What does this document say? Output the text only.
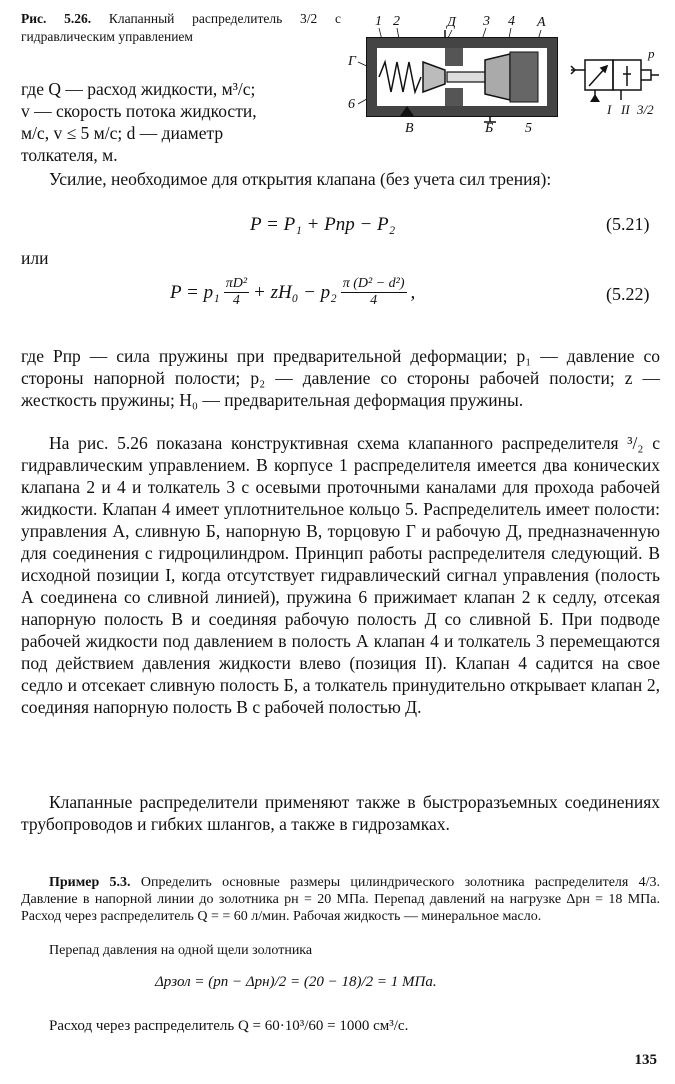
Рис. 5.26. Клапанный распределитель 3/2 с гидравлическим управлением
1 2	Д 3 4 А
Г
6
В	Б 5
p
I II 3/2
где Q — расход жидкости, м³/с;
v — скорость потока жидкости,
м/с, v ≤ 5 м/с; d — диаметр
толкателя, м.
Усилие, необходимое для открытия клапана (без учета сил трения):
P = P₁ + Pпр − P₂	(5.21)
или
$P = p_1 \frac{\text{πD²}}{4} + zH_0 - p_2 \frac{\text{π (D² − d²)}}{4}$ ,	(5.22)
где Pпр — сила пружины при предварительной деформации; p₁ — давление со стороны напорной полости; p₂ — давление со стороны рабочей полости; z — жесткость пружины; H₀ — предварительная деформация пружины.
На рис. 5.26 показана конструктивная схема клапанного распределителя ³/₂ с гидравлическим управлением. В корпусе 1 распределителя имеется два конических клапана 2 и 4 и толкатель 3 с осевыми проточными каналами для прохода рабочей жидкости. Клапан 4 имеет уплотнительное кольцо 5. Распределитель имеет полости: управления А, сливную Б, напорную В, торцовую Г и рабочую Д, предназначенную для соединения с гидроцилиндром. Принцип работы распределителя следующий. В исходной позиции I, когда отсутствует гидравлический сигнал управления (полость А соединена со сливной линией), пружина 6 прижимает клапан 2 к седлу, отсекая напорную полость В и соединяя рабочую полость Д со сливной Б. При подводе рабочей жидкости под давлением в полость А клапан 4 и толкатель 3 перемещаются под действием давления жидкости влево (позиция II). Клапан 4 садится на свое седло и отсекает сливную полость Б, а толкатель принудительно открывает клапан 2, соединяя напорную полость В с рабочей полостью Д.
Клапанные распределители применяют также в быстроразъемных соединениях трубопроводов и гибких шлангов, а также в гидрозамках.
Пример 5.3. Определить основные размеры цилиндрического золотника распределителя 4/3. Давление в напорной линии до золотника pн = 20 МПа. Перепад давлений на нагрузке Δpн = 18 МПа. Расход через распределитель Q = = 60 л/мин. Рабочая жидкость — минеральное масло.
Перепад давления на одной щели золотника
Δpзол = (pп − Δpн)/2 = (20 − 18)/2 = 1 МПа.
Расход через распределитель Q = 60·10³/60 = 1000 см³/с.
135
